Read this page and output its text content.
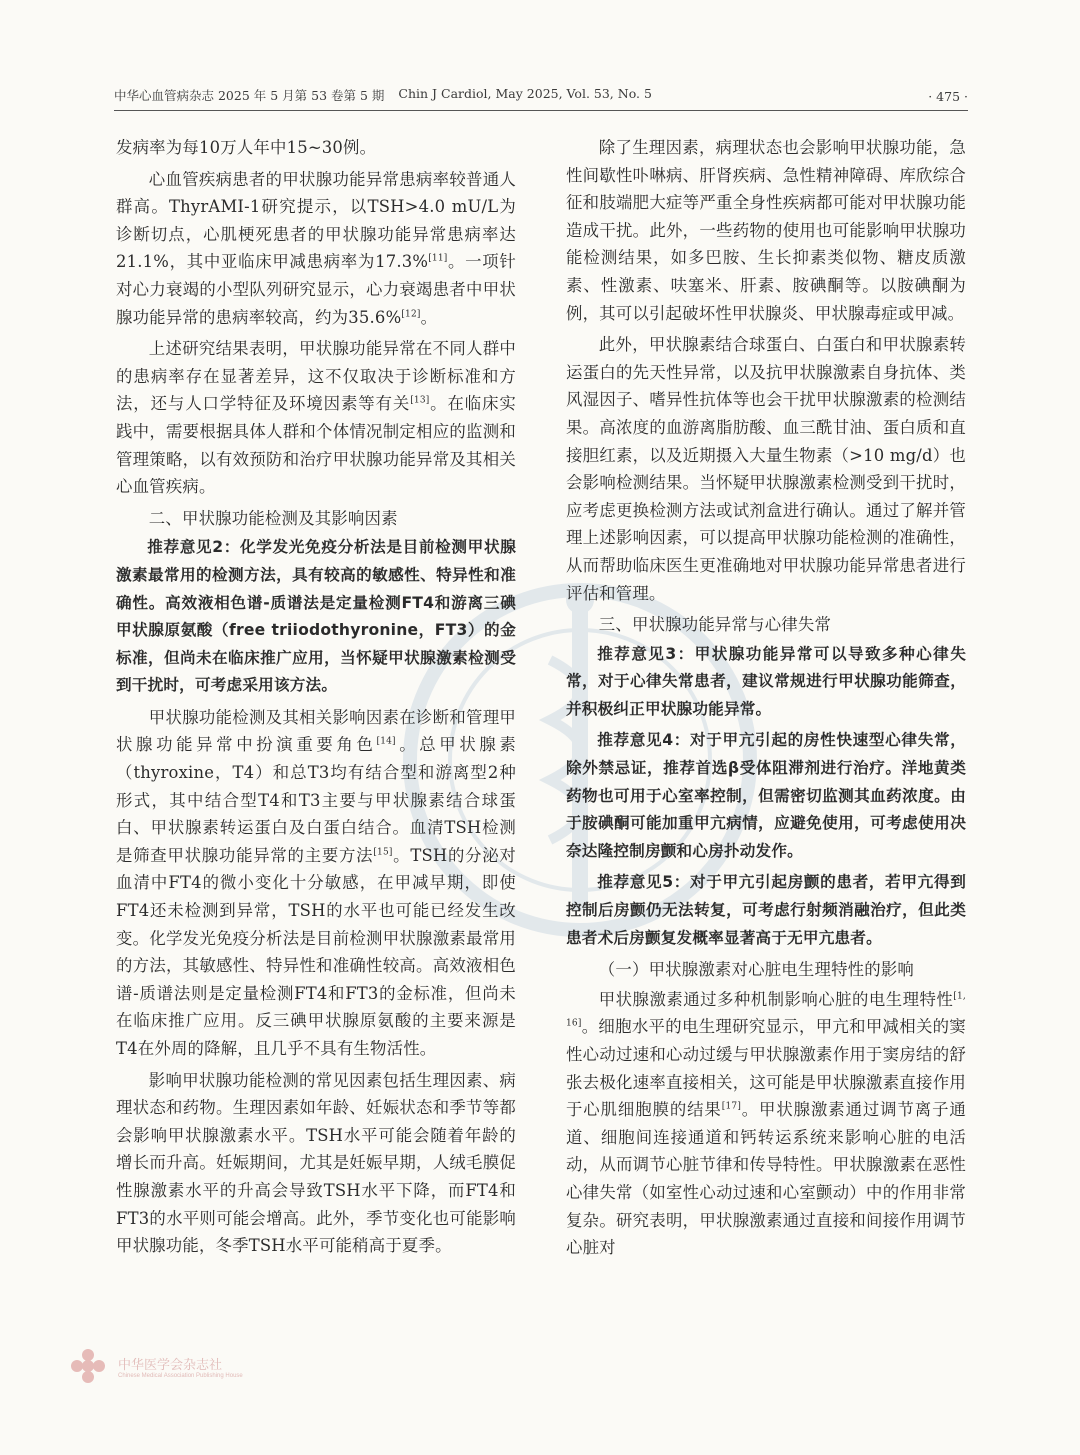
中华心血管病杂志 2025 年 5 月第 53 卷第 5 期 Chin J Cardiol, May 2025, Vol. 53, No. 5	· 475 ·

发病率为每10万人年中15~30例。

心血管疾病患者的甲状腺功能异常患病率较普通人群高。ThyrAMI-1研究提示，以TSH>4.0 mU/L为诊断切点，心肌梗死患者的甲状腺功能异常患病率达21.1%，其中亚临床甲减患病率为17.3%[11]。一项针对心力衰竭的小型队列研究显示，心力衰竭患者中甲状腺功能异常的患病率较高，约为35.6%[12]。

上述研究结果表明，甲状腺功能异常在不同人群中的患病率存在显著差异，这不仅取决于诊断标准和方法，还与人口学特征及环境因素等有关[13]。在临床实践中，需要根据具体人群和个体情况制定相应的监测和管理策略，以有效预防和治疗甲状腺功能异常及其相关心血管疾病。

二、甲状腺功能检测及其影响因素

推荐意见2：化学发光免疫分析法是目前检测甲状腺激素最常用的检测方法，具有较高的敏感性、特异性和准确性。高效液相色谱-质谱法是定量检测FT4和游离三碘甲状腺原氨酸（free triiodothyronine，FT3）的金标准，但尚未在临床推广应用，当怀疑甲状腺激素检测受到干扰时，可考虑采用该方法。

甲状腺功能检测及其相关影响因素在诊断和管理甲状腺功能异常中扮演重要角色[14]。总甲状腺素（thyroxine，T4）和总T3均有结合型和游离型2种形式，其中结合型T4和T3主要与甲状腺素结合球蛋白、甲状腺素转运蛋白及白蛋白结合。血清TSH检测是筛查甲状腺功能异常的主要方法[15]。TSH的分泌对血清中FT4的微小变化十分敏感，在甲减早期，即使FT4还未检测到异常，TSH的水平也可能已经发生改变。化学发光免疫分析法是目前检测甲状腺激素最常用的方法，其敏感性、特异性和准确性较高。高效液相色谱-质谱法则是定量检测FT4和FT3的金标准，但尚未在临床推广应用。反三碘甲状腺原氨酸的主要来源是T4在外周的降解，且几乎不具有生物活性。

影响甲状腺功能检测的常见因素包括生理因素、病理状态和药物。生理因素如年龄、妊娠状态和季节等都会影响甲状腺激素水平。TSH水平可能会随着年龄的增长而升高。妊娠期间，尤其是妊娠早期，人绒毛膜促性腺激素水平的升高会导致TSH水平下降，而FT4和FT3的水平则可能会增高。此外，季节变化也可能影响甲状腺功能，冬季TSH水平可能稍高于夏季。

除了生理因素，病理状态也会影响甲状腺功能，急性间歇性卟啉病、肝肾疾病、急性精神障碍、库欣综合征和肢端肥大症等严重全身性疾病都可能对甲状腺功能造成干扰。此外，一些药物的使用也可能影响甲状腺功能检测结果，如多巴胺、生长抑素类似物、糖皮质激素、性激素、呋塞米、肝素、胺碘酮等。以胺碘酮为例，其可以引起破坏性甲状腺炎、甲状腺毒症或甲减。

此外，甲状腺素结合球蛋白、白蛋白和甲状腺素转运蛋白的先天性异常，以及抗甲状腺激素自身抗体、类风湿因子、嗜异性抗体等也会干扰甲状腺激素的检测结果。高浓度的血游离脂肪酸、血三酰甘油、蛋白质和直接胆红素，以及近期摄入大量生物素（>10 mg/d）也会影响检测结果。当怀疑甲状腺激素检测受到干扰时，应考虑更换检测方法或试剂盒进行确认。通过了解并管理上述影响因素，可以提高甲状腺功能检测的准确性，从而帮助临床医生更准确地对甲状腺功能异常患者进行评估和管理。

三、甲状腺功能异常与心律失常

推荐意见3：甲状腺功能异常可以导致多种心律失常，对于心律失常患者，建议常规进行甲状腺功能筛查，并积极纠正甲状腺功能异常。

推荐意见4：对于甲亢引起的房性快速型心律失常，除外禁忌证，推荐首选β受体阻滞剂进行治疗。洋地黄类药物也可用于心室率控制，但需密切监测其血药浓度。由于胺碘酮可能加重甲亢病情，应避免使用，可考虑使用决奈达隆控制房颤和心房扑动发作。

推荐意见5：对于甲亢引起房颤的患者，若甲亢得到控制后房颤仍无法转复，可考虑行射频消融治疗，但此类患者术后房颤复发概率显著高于无甲亢患者。

（一）甲状腺激素对心脏电生理特性的影响

甲状腺激素通过多种机制影响心脏的电生理特性[1, 16]。细胞水平的电生理研究显示，甲亢和甲减相关的窦性心动过速和心动过缓与甲状腺激素作用于窦房结的舒张去极化速率直接相关，这可能是甲状腺激素直接作用于心肌细胞膜的结果[17]。甲状腺激素通过调节离子通道、细胞间连接通道和钙转运系统来影响心脏的电活动，从而调节心脏节律和传导特性。甲状腺激素在恶性心律失常（如室性心动过速和心室颤动）中的作用非常复杂。研究表明，甲状腺激素通过直接和间接作用调节心脏对

中华医学会杂志社
Chinese Medical Association Publishing House
